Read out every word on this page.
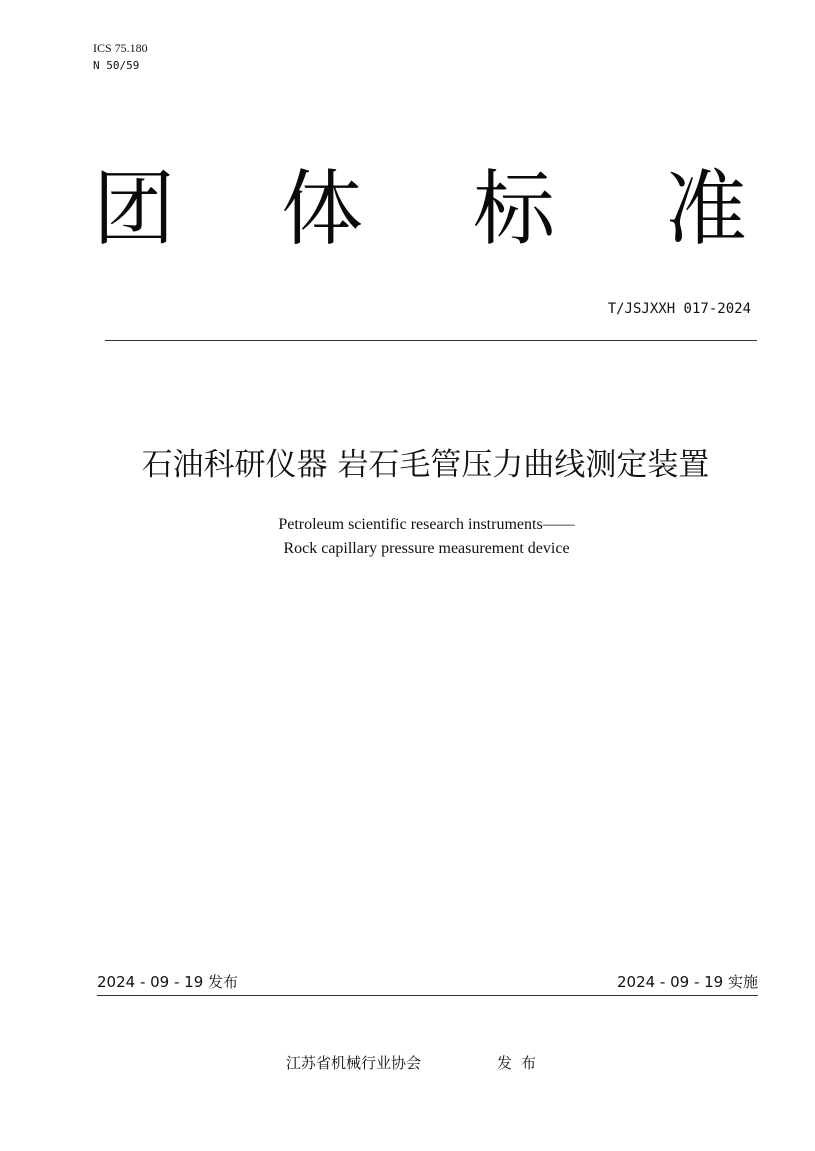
ICS 75.180
N 50/59
团 体 标 准
T/JSJXXH 017-2024
石油科研仪器 岩石毛管压力曲线测定装置
Petroleum scientific research instruments——
Rock capillary pressure measurement device
2024 - 09 - 19 发布	2024 - 09 - 19 实施
江苏省机械行业协会	发布
